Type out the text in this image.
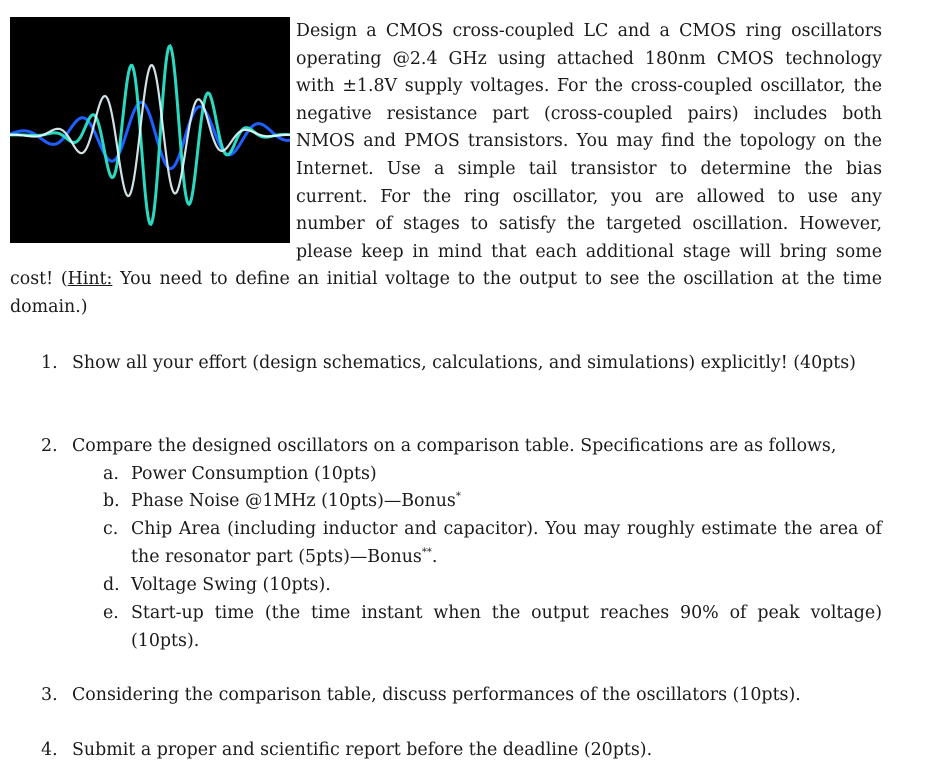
Design a CMOS cross-coupled LC and a CMOS ring oscillators operating @2.4 GHz using attached 180nm CMOS technology with ±1.8V supply voltages. For the cross-coupled oscillator, the negative resistance part (cross-coupled pairs) includes both NMOS and PMOS transistors. You may find the topology on the Internet. Use a simple tail transistor to determine the bias current. For the ring oscillator, you are allowed to use any number of stages to satisfy the targeted oscillation. However, please keep in mind that each additional stage will bring some cost! (Hint: You need to define an initial voltage to the output to see the oscillation at the time domain.)

1. Show all your effort (design schematics, calculations, and simulations) explicitly! (40pts)
2. Compare the designed oscillators on a comparison table. Specifications are as follows,
a. Power Consumption (10pts)
b. Phase Noise @1MHz (10pts)—Bonus*
c. Chip Area (including inductor and capacitor). You may roughly estimate the area of the resonator part (5pts)—Bonus**.
d. Voltage Swing (10pts).
e. Start-up time (the time instant when the output reaches 90% of peak voltage) (10pts).
3. Considering the comparison table, discuss performances of the oscillators (10pts).
4. Submit a proper and scientific report before the deadline (20pts).
